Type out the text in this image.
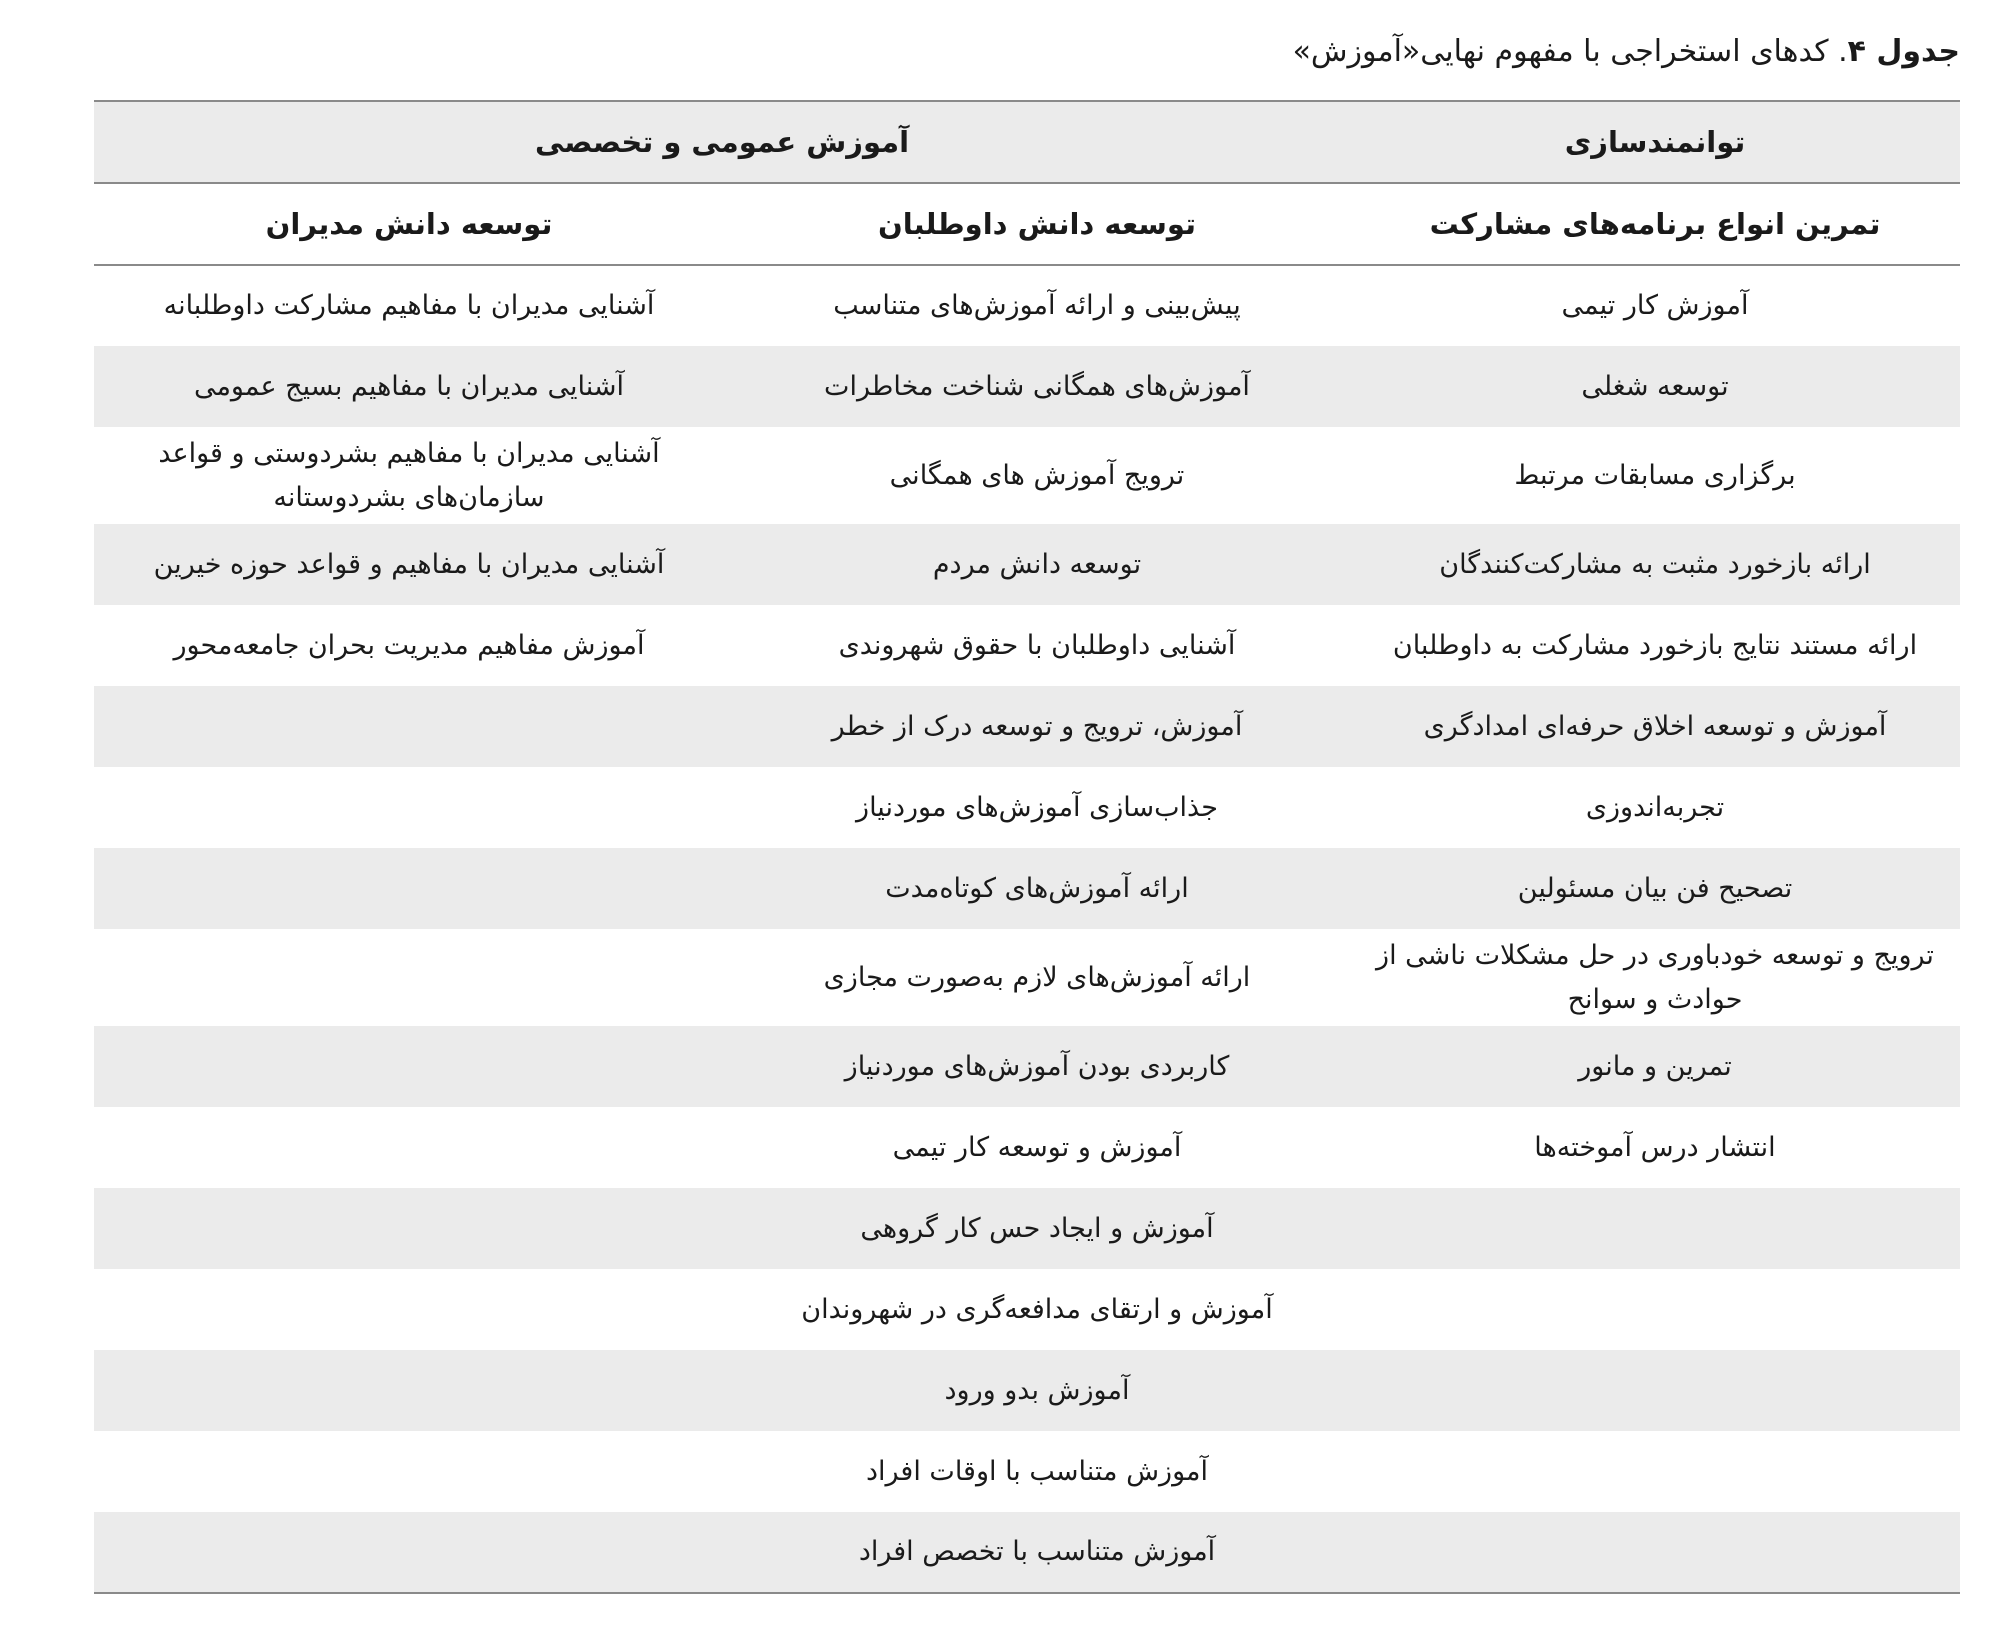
جدول ۴. کدهای استخراجی با مفهوم نهایی«آموزش»
توانمندسازی	آموزش عمومی و تخصصی	
تمرین انواع برنامه‌های مشارکت	توسعه دانش داوطلبان	توسعه دانش مدیران
آموزش کار تیمی	پیش‌بینی و ارائه آموزش‌های متناسب	آشنایی مدیران با مفاهیم مشارکت داوطلبانه
توسعه شغلی	آموزش‌های همگانی شناخت مخاطرات	آشنایی مدیران با مفاهیم بسیج عمومی
برگزاری مسابقات مرتبط	ترویج آموزش های همگانی	آشنایی مدیران با مفاهیم بشردوستی و قواعد سازمان‌های بشردوستانه
ارائه بازخورد مثبت به مشارکت‌کنندگان	توسعه دانش مردم	آشنایی مدیران با مفاهیم و قواعد حوزه خیرین
ارائه مستند نتایج بازخورد مشارکت به داوطلبان	آشنایی داوطلبان با حقوق شهروندی	آموزش مفاهیم مدیریت بحران جامعه‌محور
آموزش و توسعه اخلاق حرفه‌ای امدادگری	آموزش، ترویج و توسعه درک از خطر	
تجربه‌اندوزی	جذاب‌سازی آموزش‌های موردنیاز	
تصحیح فن بیان مسئولین	ارائه آموزش‌های کوتاه‌مدت	
ترویج و توسعه خودباوری در حل مشکلات ناشی از حوادث و سوانح	ارائه آموزش‌های لازم به‌صورت مجازی	
تمرین و مانور	کاربردی بودن آموزش‌های موردنیاز	
انتشار درس آموخته‌ها	آموزش و توسعه کار تیمی	
	آموزش و ایجاد حس کار گروهی	
	آموزش و ارتقای مدافعه‌گری در شهروندان	
	آموزش بدو ورود	
	آموزش متناسب با اوقات افراد	
	آموزش متناسب با تخصص افراد	
